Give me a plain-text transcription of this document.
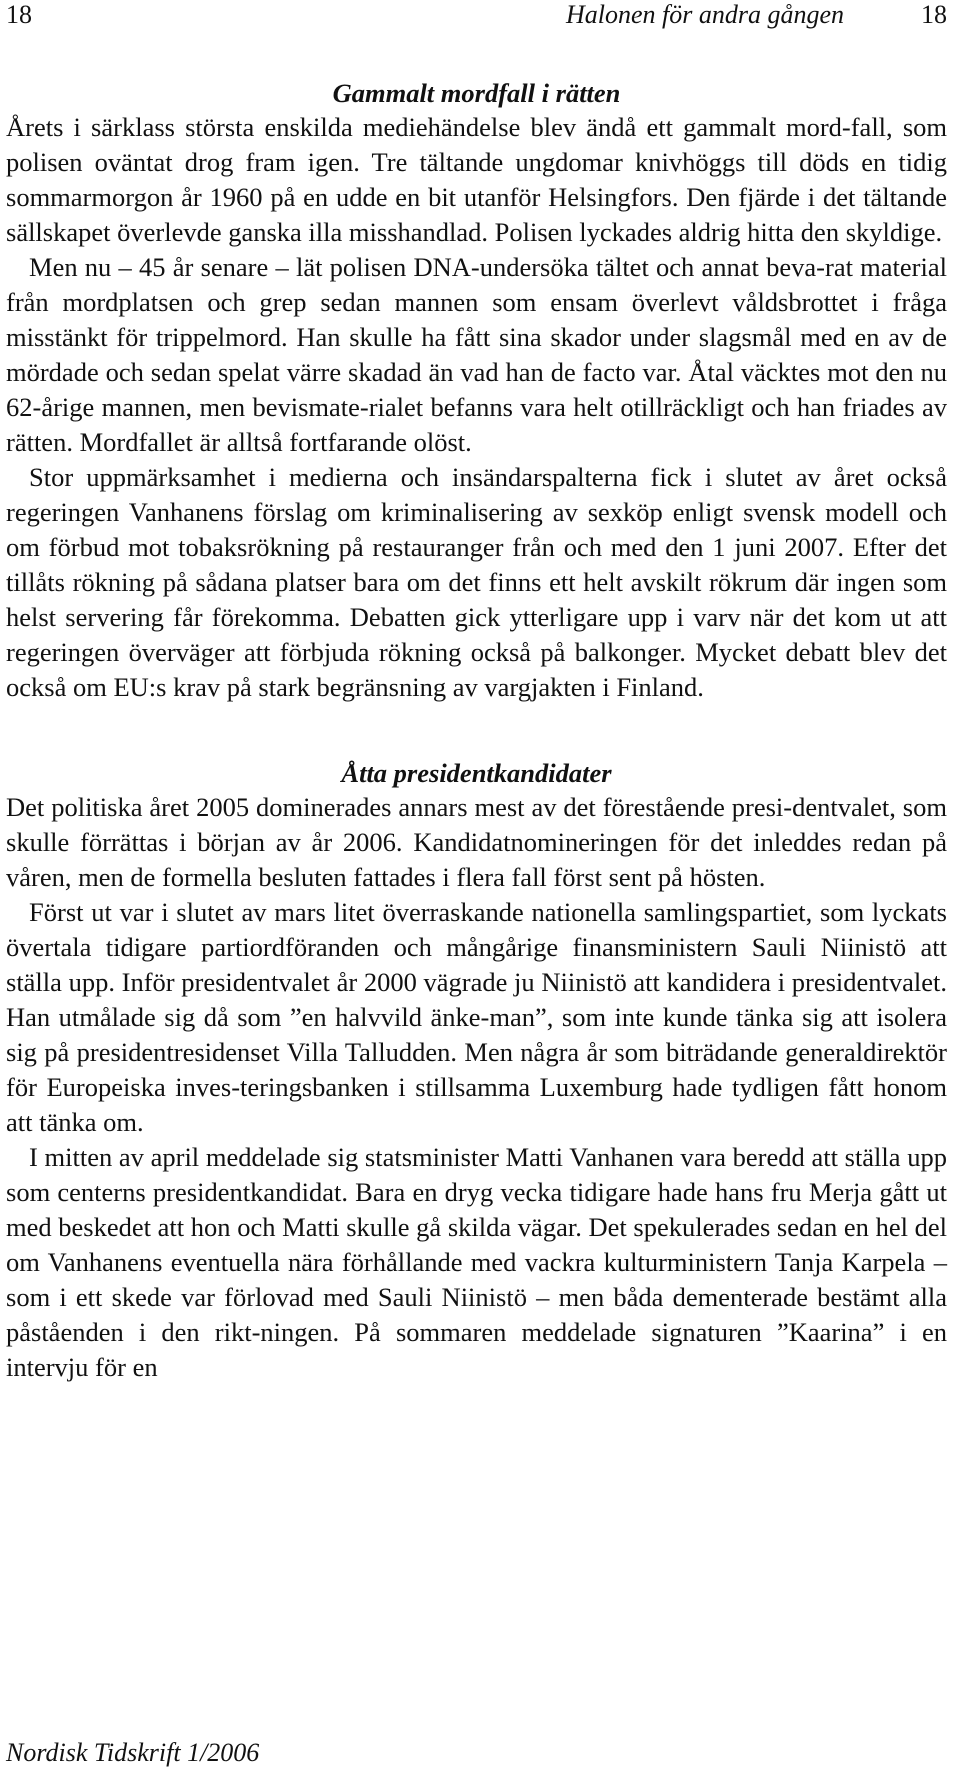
18	Halonen för andra gången	18
Gammalt mordfall i rätten

Årets i särklass största enskilda mediehändelse blev ändå ett gammalt mord-fall, som polisen oväntat drog fram igen. Tre tältande ungdomar knivhöggs till döds en tidig sommarmorgon år 1960 på en udde en bit utanför Helsingfors. Den fjärde i det tältande sällskapet överlevde ganska illa misshandlad. Polisen lyckades aldrig hitta den skyldige.

Men nu – 45 år senare – lät polisen DNA-undersöka tältet och annat beva-rat material från mordplatsen och grep sedan mannen som ensam överlevt våldsbrottet i fråga misstänkt för trippelmord. Han skulle ha fått sina skador under slagsmål med en av de mördade och sedan spelat värre skadad än vad han de facto var. Åtal väcktes mot den nu 62-årige mannen, men bevismate-rialet befanns vara helt otillräckligt och han friades av rätten. Mordfallet är alltså fortfarande olöst.

Stor uppmärksamhet i medierna och insändarspalterna fick i slutet av året också regeringen Vanhanens förslag om kriminalisering av sexköp enligt svensk modell och om förbud mot tobaksrökning på restauranger från och med den 1 juni 2007. Efter det tillåts rökning på sådana platser bara om det finns ett helt avskilt rökrum där ingen som helst servering får förekomma. Debatten gick ytterligare upp i varv när det kom ut att regeringen överväger att förbjuda rökning också på balkonger. Mycket debatt blev det också om EU:s krav på stark begränsning av vargjakten i Finland.

Åtta presidentkandidater

Det politiska året 2005 dominerades annars mest av det förestående presi-dentvalet, som skulle förrättas i början av år 2006. Kandidatnomineringen för det inleddes redan på våren, men de formella besluten fattades i flera fall först sent på hösten.

Först ut var i slutet av mars litet överraskande nationella samlingspartiet, som lyckats övertala tidigare partiordföranden och mångårige finansministern Sauli Niinistö att ställa upp. Inför presidentvalet år 2000 vägrade ju Niinistö att kandidera i presidentvalet. Han utmålade sig då som ”en halvvild änke-man”, som inte kunde tänka sig att isolera sig på presidentresidenset Villa Talludden. Men några år som biträdande generaldirektör för Europeiska inves-teringsbanken i stillsamma Luxemburg hade tydligen fått honom att tänka om.

I mitten av april meddelade sig statsminister Matti Vanhanen vara beredd att ställa upp som centerns presidentkandidat. Bara en dryg vecka tidigare hade hans fru Merja gått ut med beskedet att hon och Matti skulle gå skilda vägar. Det spekulerades sedan en hel del om Vanhanens eventuella nära förhållande med vackra kulturministern Tanja Karpela – som i ett skede var förlovad med Sauli Niinistö – men båda dementerade bestämt alla påståenden i den rikt-ningen. På sommaren meddelade signaturen ”Kaarina” i en intervju för en

Nordisk Tidskrift 1/2006
